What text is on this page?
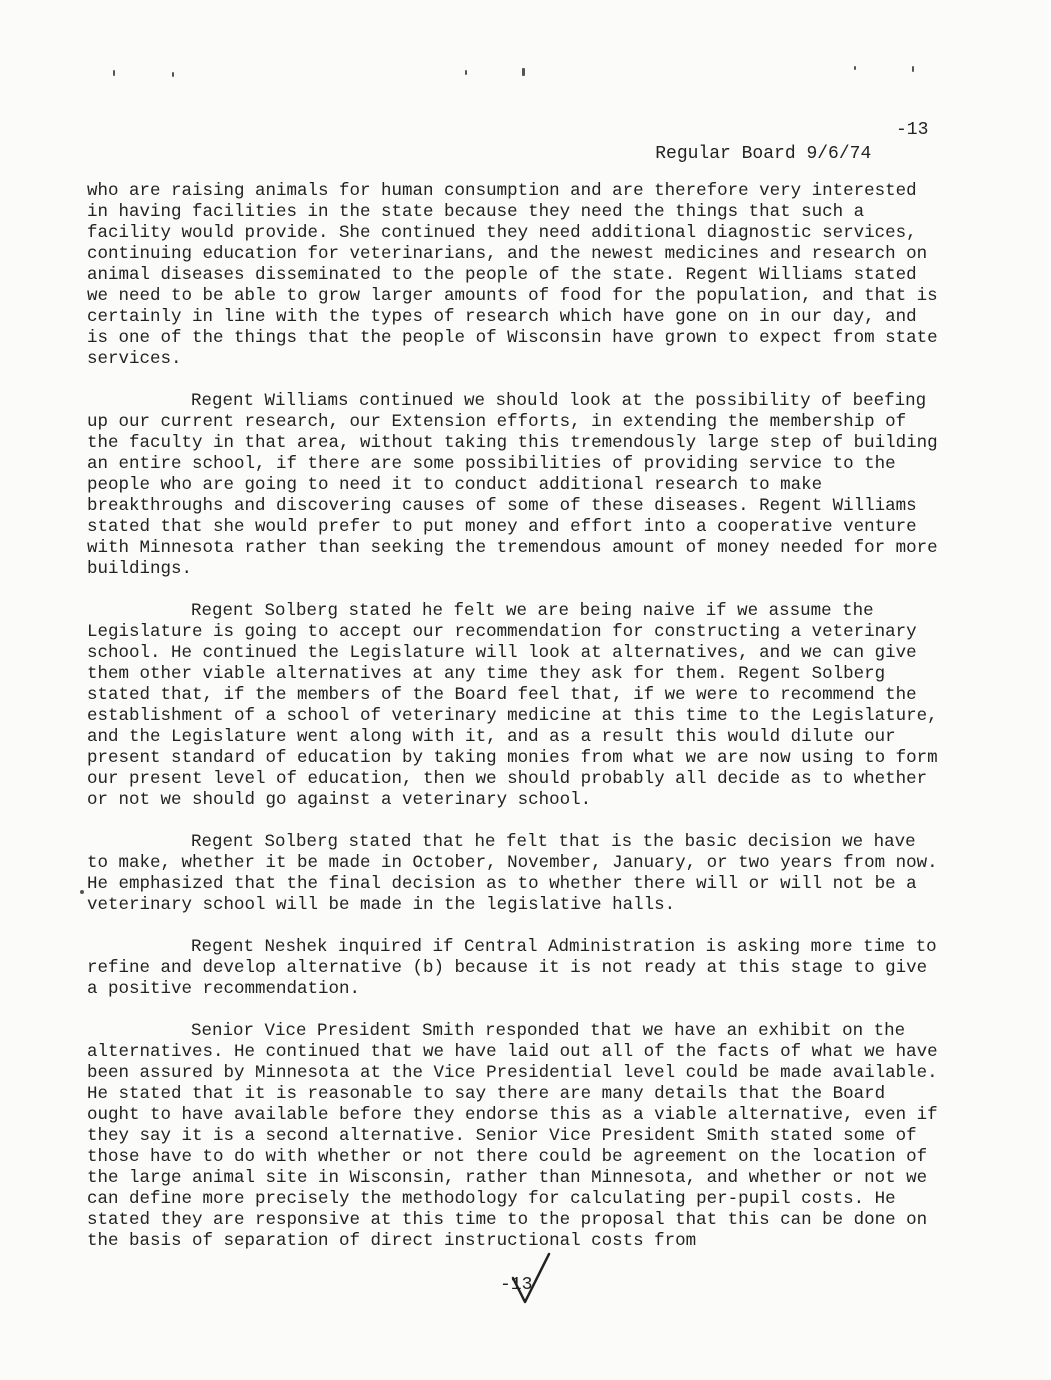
Regular Board 9/6/74

-13

who are raising animals for human consumption and are therefore very interested in having facilities in the state because they need the things that such a facility would provide. She continued they need additional diagnostic services, continuing education for veterinarians, and the newest medicines and research on animal diseases disseminated to the people of the state. Regent Williams stated we need to be able to grow larger amounts of food for the population, and that is certainly in line with the types of research which have gone on in our day, and is one of the things that the people of Wisconsin have grown to expect from state services.

Regent Williams continued we should look at the possibility of beefing up our current research, our Extension efforts, in extending the membership of the faculty in that area, without taking this tremendously large step of building an entire school, if there are some possibilities of providing service to the people who are going to need it to conduct additional research to make breakthroughs and discovering causes of some of these diseases. Regent Williams stated that she would prefer to put money and effort into a cooperative venture with Minnesota rather than seeking the tremendous amount of money needed for more buildings.

Regent Solberg stated he felt we are being naive if we assume the Legislature is going to accept our recommendation for constructing a veterinary school. He continued the Legislature will look at alternatives, and we can give them other viable alternatives at any time they ask for them. Regent Solberg stated that, if the members of the Board feel that, if we were to recommend the establishment of a school of veterinary medicine at this time to the Legislature, and the Legislature went along with it, and as a result this would dilute our present standard of education by taking monies from what we are now using to form our present level of education, then we should probably all decide as to whether or not we should go against a veterinary school.

Regent Solberg stated that he felt that is the basic decision we have to make, whether it be made in October, November, January, or two years from now. He emphasized that the final decision as to whether there will or will not be a veterinary school will be made in the legislative halls.

Regent Neshek inquired if Central Administration is asking more time to refine and develop alternative (b) because it is not ready at this stage to give a positive recommendation.

Senior Vice President Smith responded that we have an exhibit on the alternatives. He continued that we have laid out all of the facts of what we have been assured by Minnesota at the Vice Presidential level could be made available. He stated that it is reasonable to say there are many details that the Board ought to have available before they endorse this as a viable alternative, even if they say it is a second alternative. Senior Vice President Smith stated some of those have to do with whether or not there could be agreement on the location of the large animal site in Wisconsin, rather than Minnesota, and whether or not we can define more precisely the methodology for calculating per-pupil costs. He stated they are responsive at this time to the proposal that this can be done on the basis of separation of direct instructional costs from

-13
